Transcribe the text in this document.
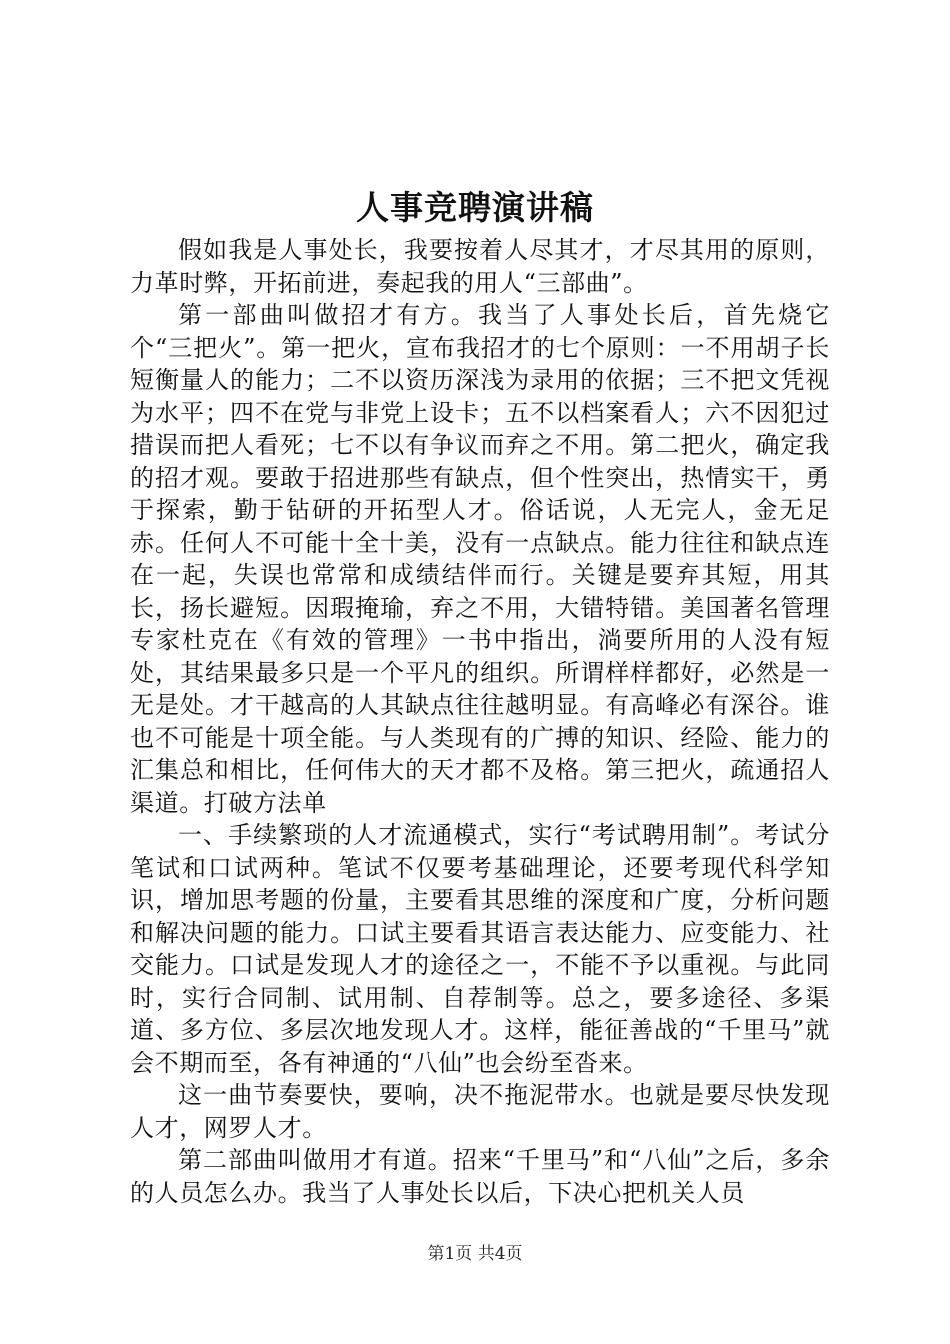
人事竞聘演讲稿

假如我是人事处长，我要按着人尽其才，才尽其用的原则，力革时弊，开拓前进，奏起我的用人“三部曲”。

第一部曲叫做招才有方。我当了人事处长后，首先烧它个“三把火”。第一把火，宣布我招才的七个原则：一不用胡子长短衡量人的能力；二不以资历深浅为录用的依据；三不把文凭视为水平；四不在党与非党上设卡；五不以档案看人；六不因犯过措误而把人看死；七不以有争议而弃之不用。第二把火，确定我的招才观。要敢于招进那些有缺点，但个性突出，热情实干，勇于探索，勤于钻研的开拓型人才。俗话说，人无完人，金无足赤。任何人不可能十全十美，没有一点缺点。能力往往和缺点连在一起，失误也常常和成绩结伴而行。关键是要弃其短，用其长，扬长避短。因瑕掩瑜，弃之不用，大错特错。美国著名管理专家杜克在《有效的管理》一书中指出，淌要所用的人没有短处，其结果最多只是一个平凡的组织。所谓样样都好，必然是一无是处。才干越高的人其缺点往往越明显。有高峰必有深谷。谁也不可能是十项全能。与人类现有的广搏的知识、经险、能力的汇集总和相比，任何伟大的天才都不及格。第三把火，疏通招人渠道。打破方法单

一、手续繁琐的人才流通模式，实行“考试聘用制”。考试分笔试和口试两种。笔试不仅要考基础理论，还要考现代科学知识，增加思考题的份量，主要看其思维的深度和广度，分析问题和解决问题的能力。口试主要看其语言表达能力、应变能力、社交能力。口试是发现人才的途径之一，不能不予以重视。与此同时，实行合同制、试用制、自荐制等。总之，要多途径、多渠道、多方位、多层次地发现人才。这样，能征善战的“千里马”就会不期而至，各有神通的“八仙”也会纷至沓来。

这一曲节奏要快，要响，决不拖泥带水。也就是要尽快发现人才，网罗人才。

第二部曲叫做用才有道。招来“千里马”和“八仙”之后，多余的人员怎么办。我当了人事处长以后，下决心把机关人员

第1页 共4页
